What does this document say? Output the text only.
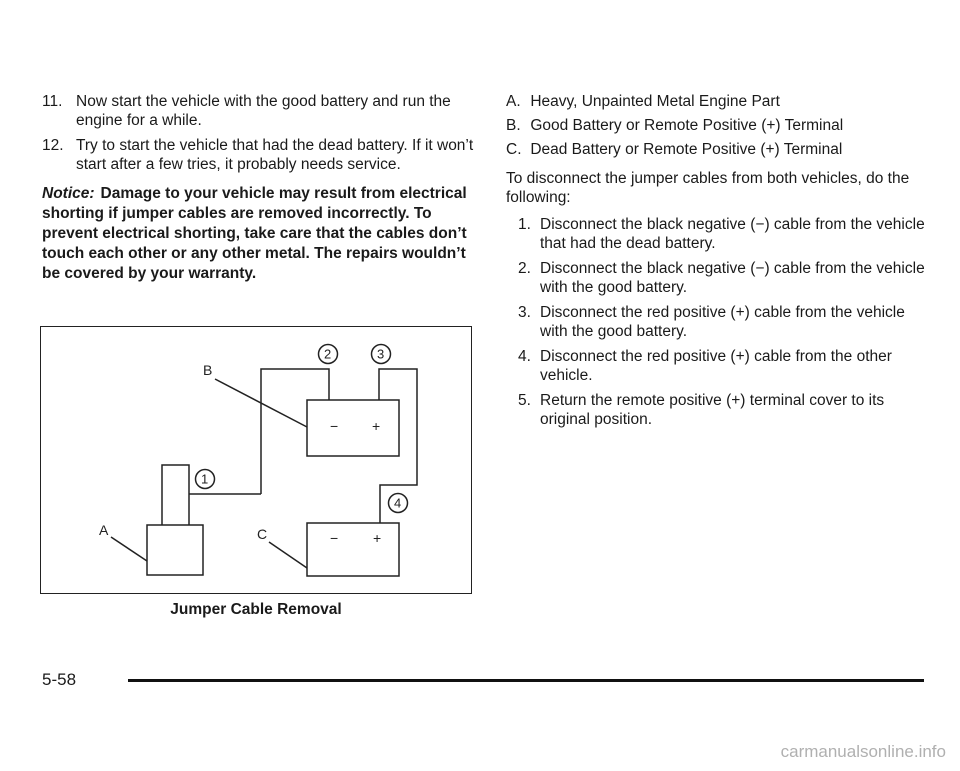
11. Now start the vehicle with the good battery and run the engine for a while.
12. Try to start the vehicle that had the dead battery. If it won’t start after a few tries, it probably needs service.
Notice: Damage to your vehicle may result from electrical shorting if jumper cables are removed incorrectly. To prevent electrical shorting, take care that the cables don’t touch each other or any other metal. The repairs wouldn’t be covered by your warranty.
B
A	C
− +
− +
2	3
1
4
Jumper Cable Removal
A. Heavy, Unpainted Metal Engine Part
B. Good Battery or Remote Positive (+) Terminal
C. Dead Battery or Remote Positive (+) Terminal
To disconnect the jumper cables from both vehicles, do the following:
1. Disconnect the black negative (−) cable from the vehicle that had the dead battery.
2. Disconnect the black negative (−) cable from the vehicle with the good battery.
3. Disconnect the red positive (+) cable from the vehicle with the good battery.
4. Disconnect the red positive (+) cable from the other vehicle.
5. Return the remote positive (+) terminal cover to its original position.
5-58
carmanualsonline.info
